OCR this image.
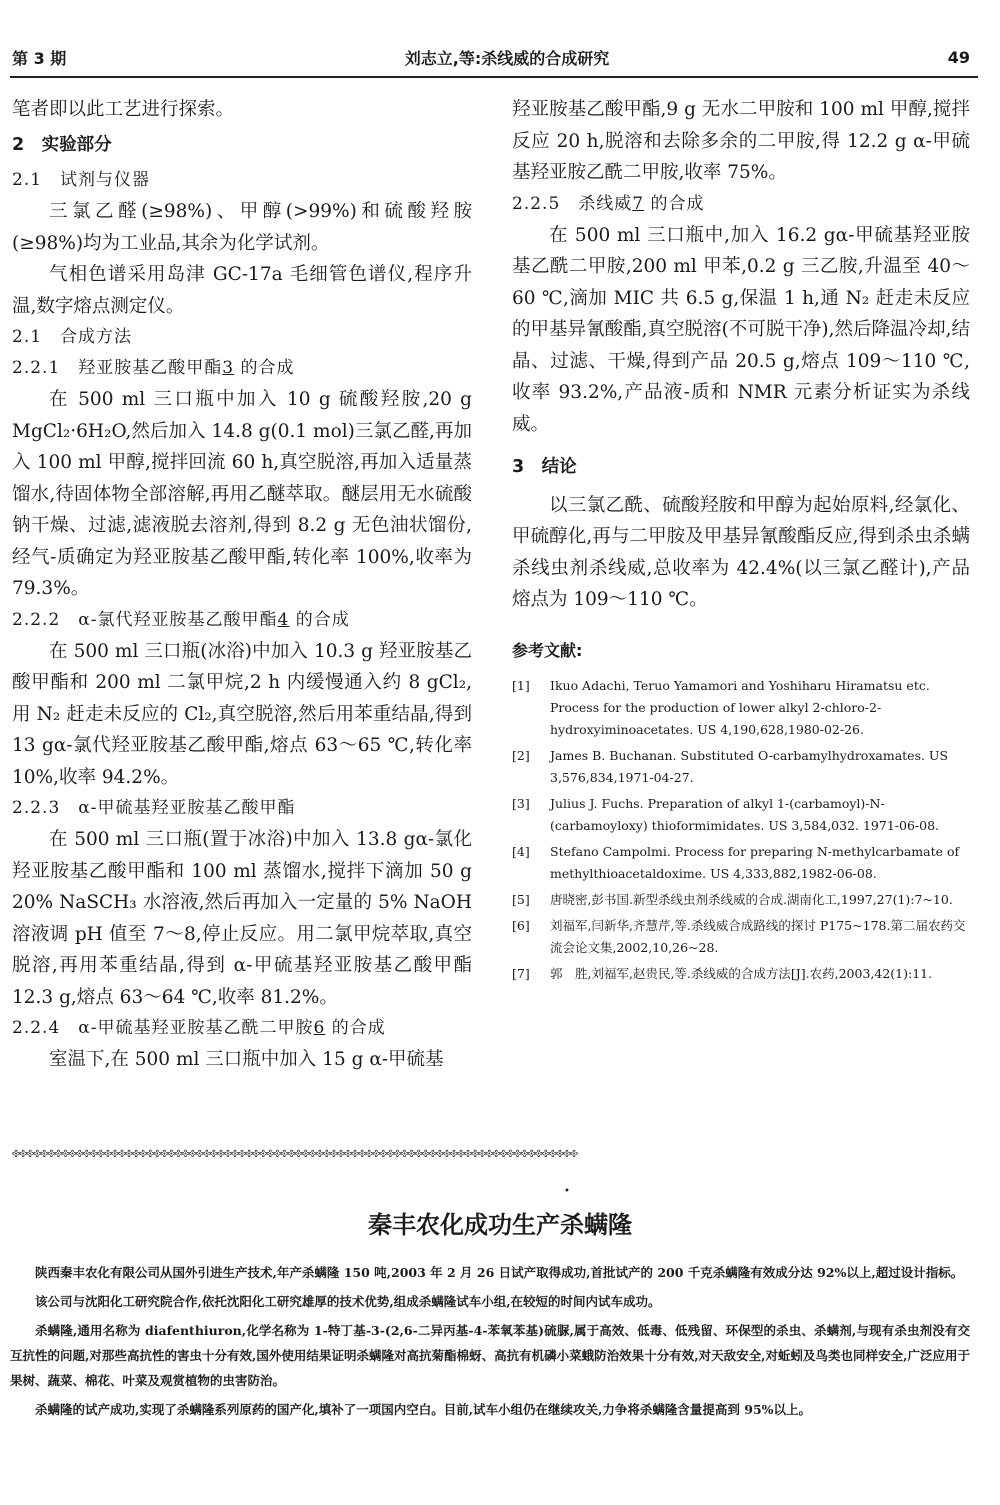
第 3 期	刘志立,等:杀线威的合成研究	49

笔者即以此工艺进行探索。

2　实验部分
2.1　试剂与仪器

三氯乙醛(≥98%)、甲醇(>99%)和硫酸羟胺(≥98%)均为工业品,其余为化学试剂。

气相色谱采用岛津 GC-17a 毛细管色谱仪,程序升温,数字熔点测定仪。

2.1　合成方法
2.2.1　羟亚胺基乙酸甲酯3 的合成

在 500 ml 三口瓶中加入 10 g 硫酸羟胺,20 g MgCl₂·6H₂O,然后加入 14.8 g(0.1 mol)三氯乙醛,再加入 100 ml 甲醇,搅拌回流 60 h,真空脱溶,再加入适量蒸馏水,待固体物全部溶解,再用乙醚萃取。醚层用无水硫酸钠干燥、过滤,滤液脱去溶剂,得到 8.2 g 无色油状馏份,经气-质确定为羟亚胺基乙酸甲酯,转化率 100%,收率为 79.3%。

2.2.2　α-氯代羟亚胺基乙酸甲酯4 的合成

在 500 ml 三口瓶(冰浴)中加入 10.3 g 羟亚胺基乙酸甲酯和 200 ml 二氯甲烷,2 h 内缓慢通入约 8 gCl₂,用 N₂ 赶走未反应的 Cl₂,真空脱溶,然后用苯重结晶,得到 13 gα-氯代羟亚胺基乙酸甲酯,熔点 63～65 ℃,转化率 10%,收率 94.2%。

2.2.3　α-甲硫基羟亚胺基乙酸甲酯

在 500 ml 三口瓶(置于冰浴)中加入 13.8 gα-氯化羟亚胺基乙酸甲酯和 100 ml 蒸馏水,搅拌下滴加 50 g 20% NaSCH₃ 水溶液,然后再加入一定量的 5% NaOH 溶液调 pH 值至 7～8,停止反应。用二氯甲烷萃取,真空脱溶,再用苯重结晶,得到 α-甲硫基羟亚胺基乙酸甲酯 12.3 g,熔点 63～64 ℃,收率 81.2%。

2.2.4　α-甲硫基羟亚胺基乙酰二甲胺6 的合成

室温下,在 500 ml 三口瓶中加入 15 g α-甲硫基

羟亚胺基乙酸甲酯,9 g 无水二甲胺和 100 ml 甲醇,搅拌反应 20 h,脱溶和去除多余的二甲胺,得 12.2 g α-甲硫基羟亚胺乙酰二甲胺,收率 75%。

2.2.5　杀线威7 的合成

在 500 ml 三口瓶中,加入 16.2 gα-甲硫基羟亚胺基乙酰二甲胺,200 ml 甲苯,0.2 g 三乙胺,升温至 40～60 ℃,滴加 MIC 共 6.5 g,保温 1 h,通 N₂ 赶走未反应的甲基异氰酸酯,真空脱溶(不可脱干净),然后降温冷却,结晶、过滤、干燥,得到产品 20.5 g,熔点 109～110 ℃,收率 93.2%,产品液-质和 NMR 元素分析证实为杀线威。

3　结论

以三氯乙酰、硫酸羟胺和甲醇为起始原料,经氯化、甲硫醇化,再与二甲胺及甲基异氰酸酯反应,得到杀虫杀螨杀线虫剂杀线威,总收率为 42.4%(以三氯乙醛计),产品熔点为 109～110 ℃。

参考文献:
[1]	Ikuo Adachi, Teruo Yamamori and Yoshiharu Hiramatsu etc. Process for the production of lower alkyl 2-chloro-2-hydroxyiminoacetates. US 4,190,628,1980-02-26.
[2]	James B. Buchanan. Substituted O-carbamylhydroxamates. US 3,576,834,1971-04-27.
[3]	Julius J. Fuchs. Preparation of alkyl 1-(carbamoyl)-N-(carbamoyloxy) thioformimidates. US 3,584,032. 1971-06-08.
[4]	Stefano Campolmi. Process for preparing N-methylcarbamate of methylthioacetaldoxime. US 4,333,882,1982-06-08.
[5]	唐晓密,彭书国.新型杀线虫剂杀线威的合成.湖南化工,1997,27(1):7~10.
[6]	刘福军,闫新华,齐慧芹,等.杀线威合成路线的探讨 P175~178.第二届农药交流会论文集,2002,10,26~28.
[7]	郭　胜,刘福军,赵贵民,等.杀线威的合成方法[J].农药,2003,42(1):11.
𐫱𐫱𐫱𐫱𐫱𐫱𐫱𐫱𐫱𐫱𐫱𐫱𐫱𐫱𐫱𐫱𐫱𐫱𐫱𐫱𐫱𐫱𐫱𐫱𐫱𐫱𐫱𐫱𐫱𐫱𐫱𐫱𐫱𐫱𐫱𐫱𐫱𐫱𐫱𐫱𐫱𐫱𐫱𐫱𐫱𐫱𐫱𐫱𐫱𐫱𐫱𐫱𐫱𐫱𐫱𐫱𐫱𐫱𐫱𐫱𐫱𐫱𐫱𐫱𐫱𐫱𐫱𐫱𐫱𐫱𐫱𐫱𐫱𐫱𐫱𐫱𐫱𐫱𐫱𐫱
•
秦丰农化成功生产杀螨隆

陕西秦丰农化有限公司从国外引进生产技术,年产杀螨隆 150 吨,2003 年 2 月 26 日试产取得成功,首批试产的 200 千克杀螨隆有效成分达 92%以上,超过设计指标。

该公司与沈阳化工研究院合作,依托沈阳化工研究雄厚的技术优势,组成杀螨隆试车小组,在较短的时间内试车成功。

杀螨隆,通用名称为 diafenthiuron,化学名称为 1-特丁基-3-(2,6-二异丙基-4-苯氧苯基)硫脲,属于高效、低毒、低残留、环保型的杀虫、杀螨剂,与现有杀虫剂没有交互抗性的问题,对那些高抗性的害虫十分有效,国外使用结果证明杀螨隆对高抗菊酯棉蚜、高抗有机磷小菜蛾防治效果十分有效,对天敌安全,对蚯蚓及鸟类也同样安全,广泛应用于果树、蔬菜、棉花、叶菜及观赏植物的虫害防治。

杀螨隆的试产成功,实现了杀螨隆系列原药的国产化,填补了一项国内空白。目前,试车小组仍在继续攻关,力争将杀螨隆含量提高到 95%以上。
